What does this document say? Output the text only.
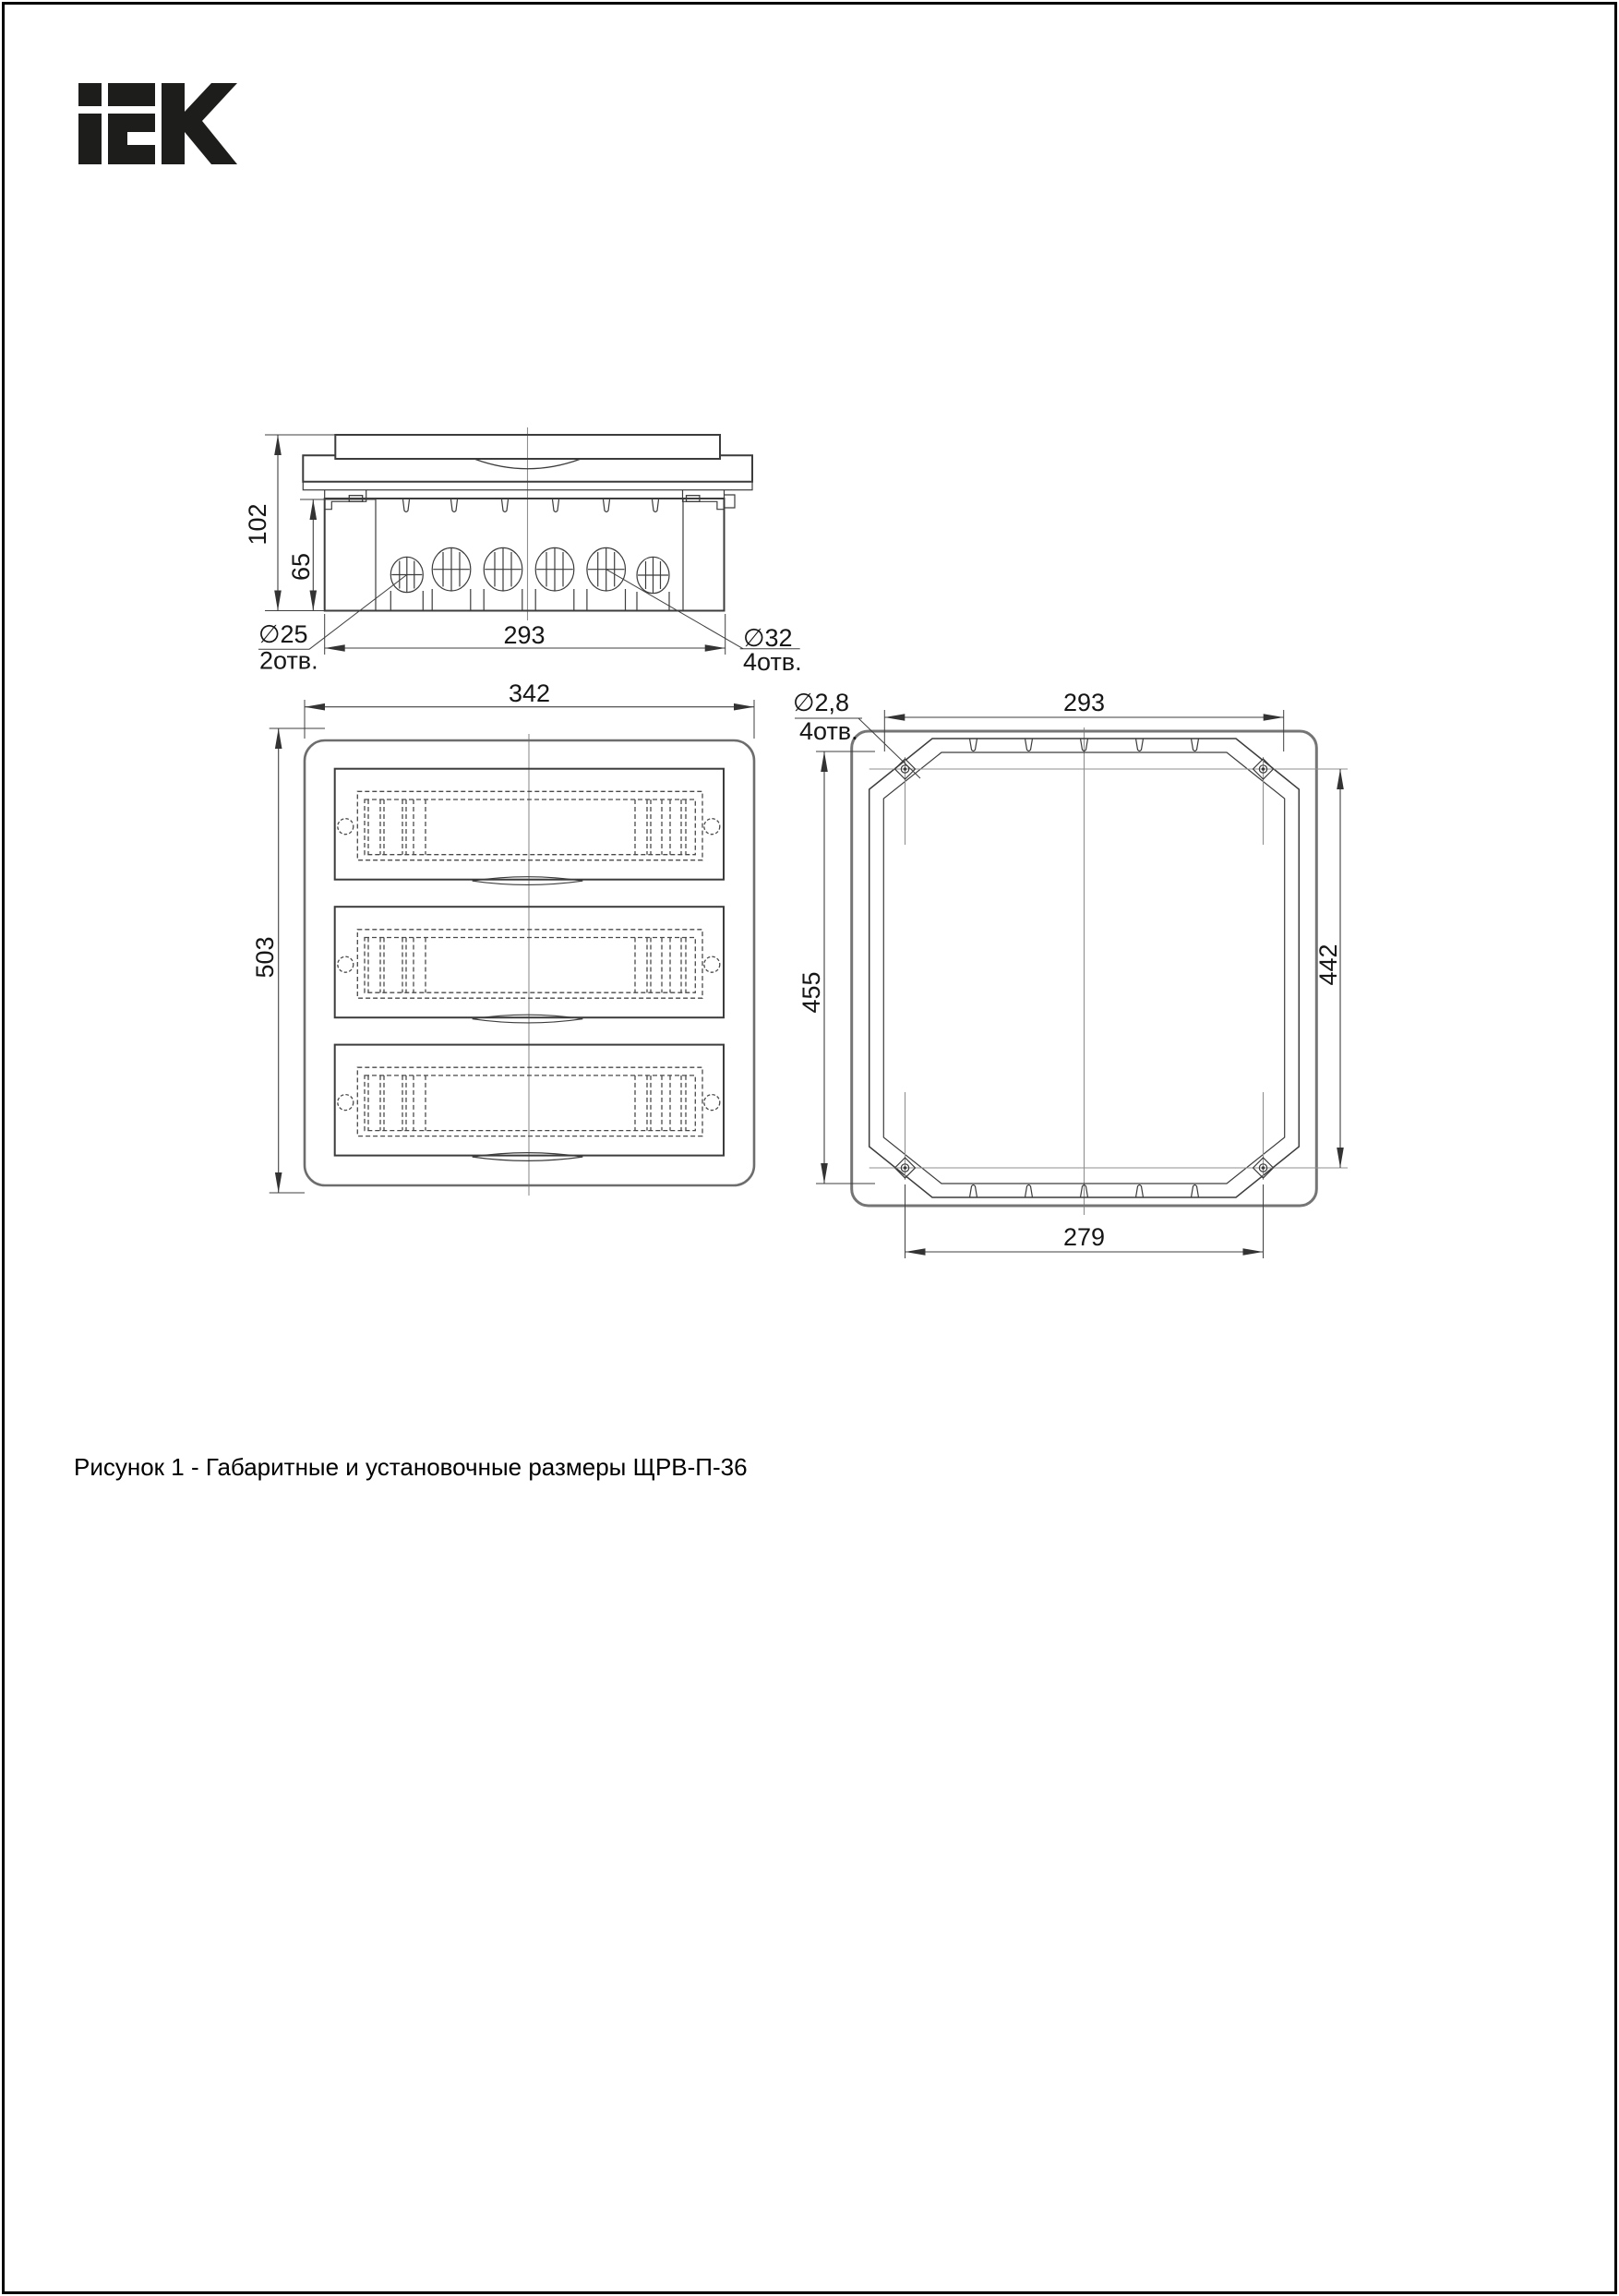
102
65
293
∅25
2отв.
∅32
4отв.
342
503
∅2,8
4отв.
293
455
442
279
Рисунок 1 - Габаритные и установочные размеры ЩРВ-П-36
